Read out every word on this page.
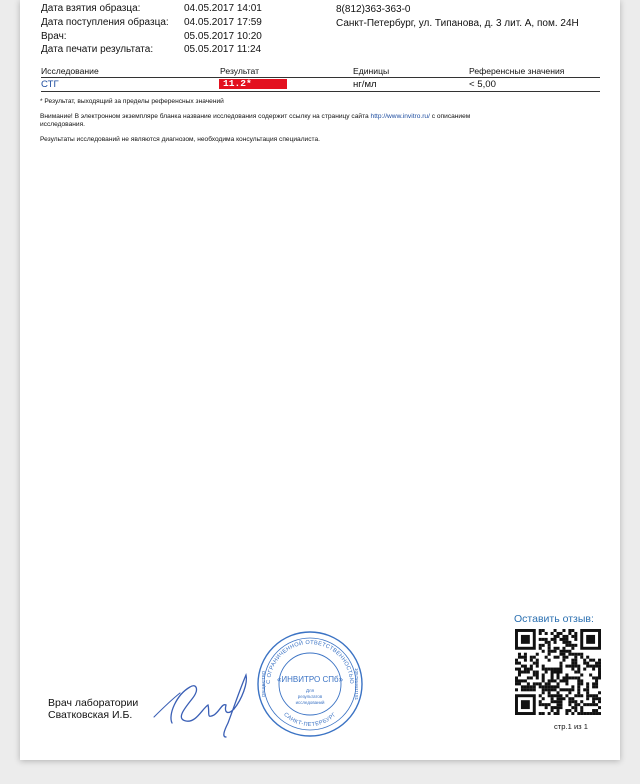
Дата взятия образца:	04.05.2017 14:01
Дата поступления образца: 04.05.2017 17:59
Врач:	05.05.2017 10:20
Дата печати результата:	05.05.2017 11:24
8(812)363-363-0
Санкт-Петербург, ул. Типанова, д. 3 лит. А, пом. 24Н
Исследование	Результат	Единицы	Референсные значения
СТГ	11.2*	нг/мл	< 5,00
* Результат, выходящий за пределы референсных значений
Внимание! В электронном экземпляре бланка название исследования содержит ссылку на страницу сайта http://www.invitro.ru/ с описанием
исследования.
Результаты исследований не являются диагнозом, необходима консультация специалиста.
Оставить отзыв:
стр.1 из 1
Врач лаборатории
Сватковская И.Б.
С ОГРАНИЧЕННОЙ ОТВЕТСТВЕННОСТЬЮ
САНКТ-ПЕТЕРБУРГ
1057812111181
ОБЩЕСТВО «ИНВИТРО СПб»
Для
результатов
исследований
